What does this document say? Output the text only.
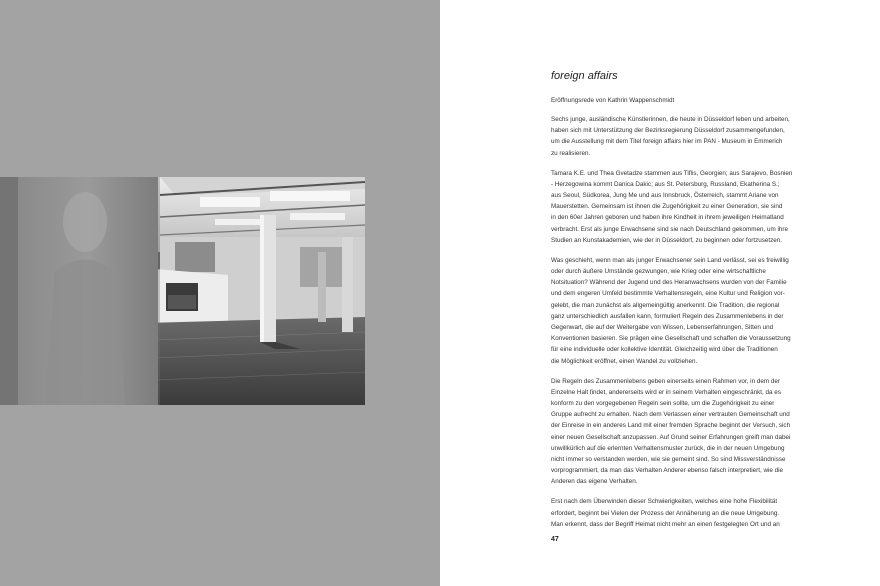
foreign affairs
Eröffnungsrede von Kathrin Wappenschmidt
Sechs junge, ausländische Künstlerinnen, die heute in Düsseldorf leben und arbeiten,
haben sich mit Unterstützung der Bezirksregierung Düsseldorf zusammengefunden,
um die Ausstellung mit dem Titel foreign affairs hier im PAN - Museum in Emmerich
zu realisieren.
Tamara K.E. und Thea Gvetadze stammen aus Tiflis, Georgien; aus Sarajevo, Bosnien
- Herzegowina kommt Danica Dakic; aus St. Petersburg, Russland, Ekatherina S.;
aus Seoul, Südkorea, Jung Me und aus Innsbruck, Österreich, stammt Ariane von
Mauerstetten. Gemeinsam ist ihnen die Zugehörigkeit zu einer Generation, sie sind
in den 60er Jahren geboren und haben ihre Kindheit in ihrem jeweiligen Heimatland
verbracht. Erst als junge Erwachsene sind sie nach Deutschland gekommen, um ihre
Studien an Kunstakademien, wie der in Düsseldorf, zu beginnen oder fortzusetzen.
Was geschieht, wenn man als junger Erwachsener sein Land verlässt, sei es freiwillig
oder durch äußere Umstände gezwungen, wie Krieg oder eine wirtschaftliche
Notsituation? Während der Jugend und des Heranwachsens wurden von der Familie
und dem engeren Umfeld bestimmte Verhaltensregeln, eine Kultur und Religion vor-
gelebt, die man zunächst als allgemeingültig anerkennt. Die Tradition, die regional
ganz unterschiedlich ausfallen kann, formuliert Regeln des Zusammenlebens in der
Gegenwart, die auf der Weitergabe von Wissen, Lebenserfahrungen, Sitten und
Konventionen basieren. Sie prägen eine Gesellschaft und schaffen die Voraussetzung
für eine individuelle oder kollektive Identität. Gleichzeitig wird über die Traditionen
die Möglichkeit eröffnet, einen Wandel zu vollziehen.
Die Regeln des Zusammenlebens geben einerseits einen Rahmen vor, in dem der
Einzelne Halt findet, andererseits wird er in seinem Verhalten eingeschränkt, da es
konform zu den vorgegebenen Regeln sein sollte, um die Zugehörigkeit zu einer
Gruppe aufrecht zu erhalten. Nach dem Verlassen einer vertrauten Gemeinschaft und
der Einreise in ein anderes Land mit einer fremden Sprache beginnt der Versuch, sich
einer neuen Gesellschaft anzupassen. Auf Grund seiner Erfahrungen greift man dabei
unwillkürlich auf die erlernten Verhaltensmuster zurück, die in der neuen Umgebung
nicht immer so verstanden werden, wie sie gemeint sind. So sind Missverständnisse
vorprogrammiert, da man das Verhalten Anderer ebenso falsch interpretiert, wie die
Anderen das eigene Verhalten.
Erst nach dem Überwinden dieser Schwierigkeiten, welches eine hohe Flexibilität
erfordert, beginnt bei Vielen der Prozess der Annäherung an die neue Umgebung.
Man erkennt, dass der Begriff Heimat nicht mehr an einen festgelegten Ort und an
47
